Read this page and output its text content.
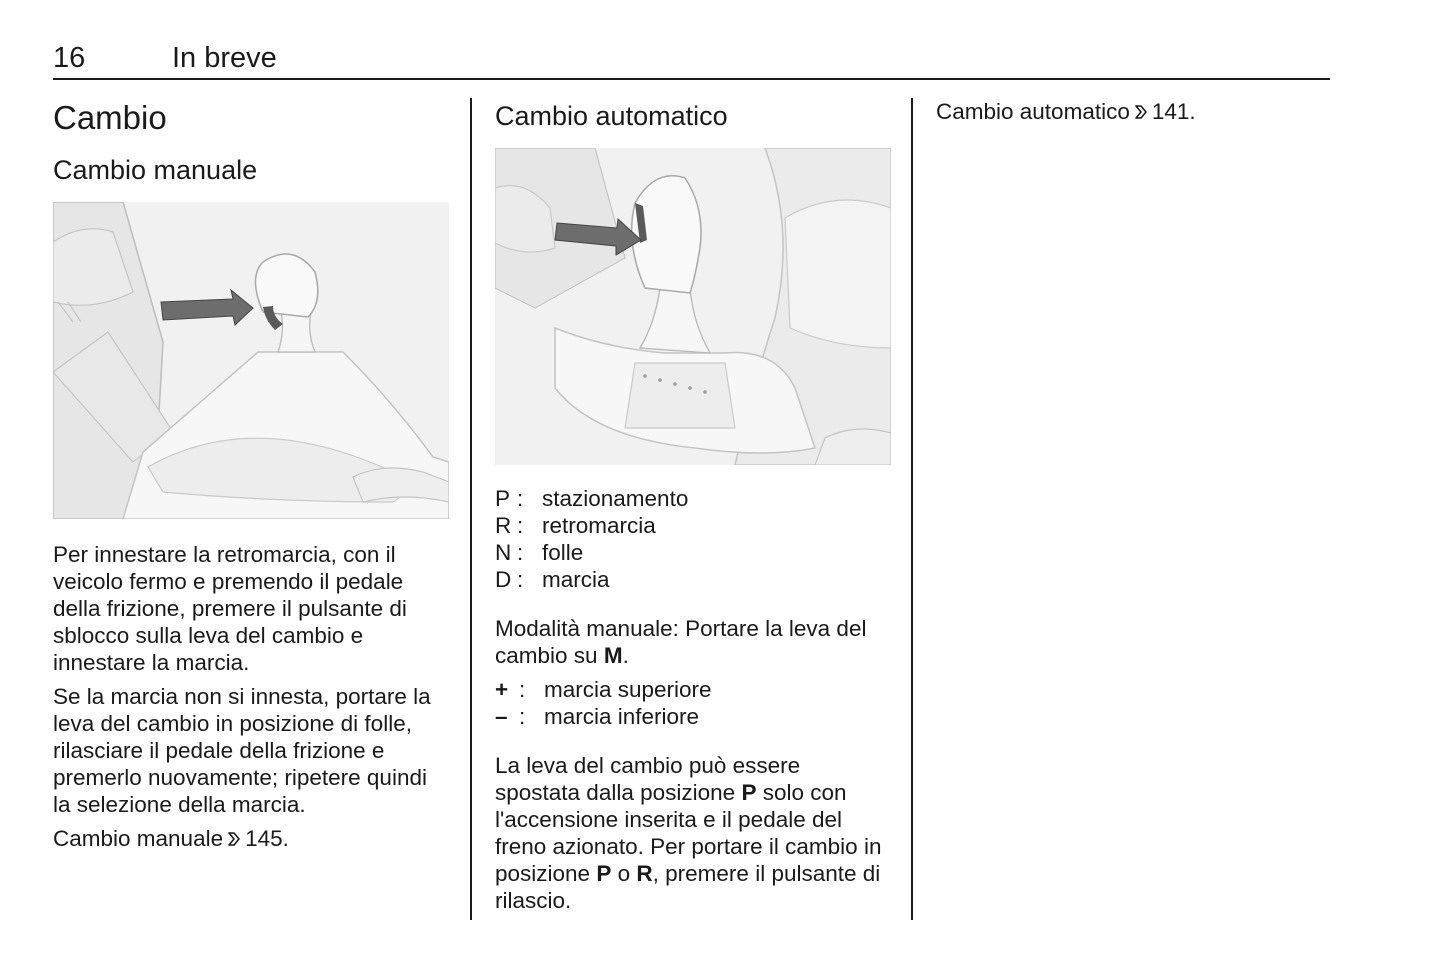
16	In breve
Cambio
Cambio manuale

Per innestare la retromarcia, con il veicolo fermo e premendo il pedale della frizione, premere il pulsante di sblocco sulla leva del cambio e innestare la marcia.

Se la marcia non si innesta, portare la leva del cambio in posizione di folle, rilasciare il pedale della frizione e premerlo nuovamente; ripetere quindi la selezione della marcia.

Cambio manuale 145.

Cambio automatico
P : stazionamento
R : retromarcia
N : folle
D : marcia

Modalità manuale: Portare la leva del cambio su M.

+ : marcia superiore
– : marcia inferiore

La leva del cambio può essere spostata dalla posizione P solo con l'accensione inserita e il pedale del freno azionato. Per portare il cambio in posizione P o R, premere il pulsante di rilascio.

Cambio automatico 141.
